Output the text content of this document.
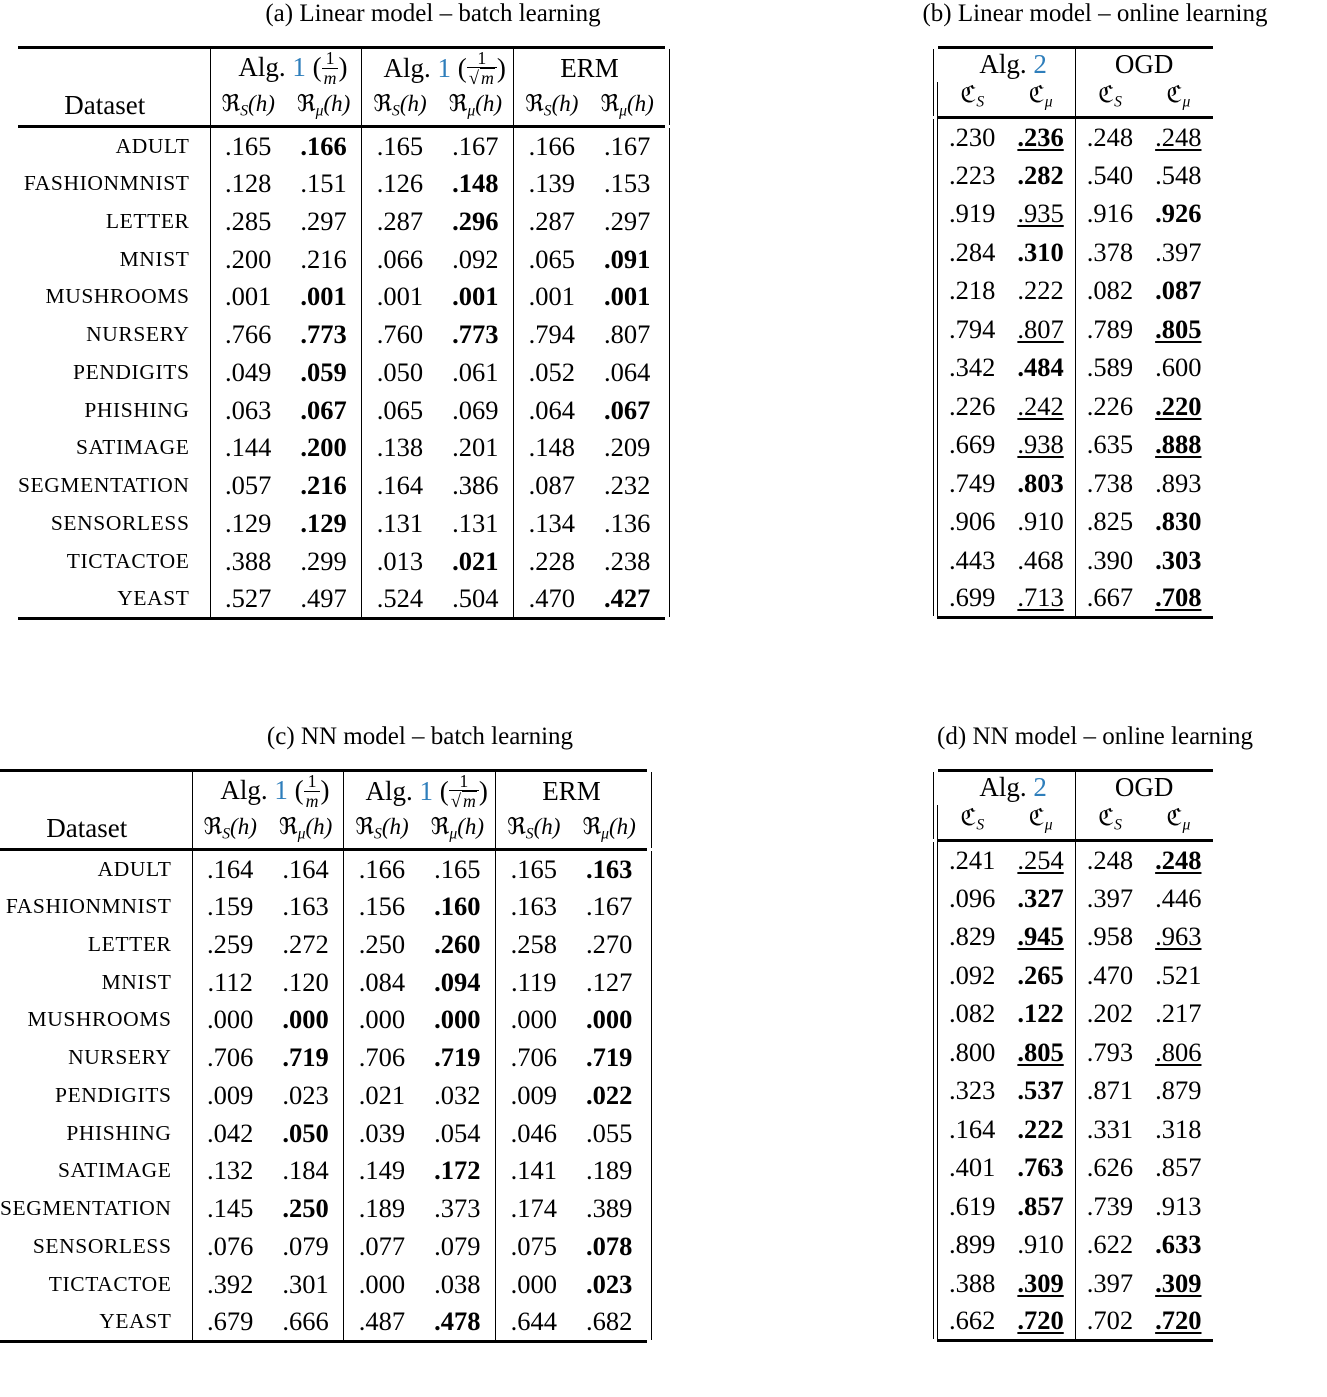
(a) Linear model – batch learning
Dataset	Alg. 1 ( $\frac{1}{m}$ )		Alg. 1 ( $\frac{1}{√ m}$ )		ERM	
	ℜ$_S$(h)	ℜ$_\mu$(h)	ℜ$_S$(h)	ℜ$_\mu$(h)	ℜ$_S$(h)	ℜ$_\mu$(h)
ADULT	.165	.166	.165	.167	.166	.167
FASHIONMNIST	.128	.151	.126	.148	.139	.153
LETTER	.285	.297	.287	.296	.287	.297
MNIST	.200	.216	.066	.092	.065	.091
MUSHROOMS	.001	.001	.001	.001	.001	.001
NURSERY	.766	.773	.760	.773	.794	.807
PENDIGITS	.049	.059	.050	.061	.052	.064
PHISHING	.063	.067	.065	.069	.064	.067
SATIMAGE	.144	.200	.138	.201	.148	.209
SEGMENTATION	.057	.216	.164	.386	.087	.232
SENSORLESS	.129	.129	.131	.131	.134	.136
TICTACTOE	.388	.299	.013	.021	.228	.238
YEAST	.527	.497	.524	.504	.470	.427
(b) Linear model – online learning
Alg. 2		OGD	
ℭ$_S$	ℭ$_\mu$	ℭ$_S$	ℭ$_\mu$
.230	.236	.248	.248
.223	.282	.540	.548
.919	.935	.916	.926
.284	.310	.378	.397
.218	.222	.082	.087
.794	.807	.789	.805
.342	.484	.589	.600
.226	.242	.226	.220
.669	.938	.635	.888
.749	.803	.738	.893
.906	.910	.825	.830
.443	.468	.390	.303
.699	.713	.667	.708
(c) NN model – batch learning
Dataset	Alg. 1 ( $\frac{1}{m}$ )		Alg. 1 ( $\frac{1}{√ m}$ )		ERM	
	ℜ$_S$(h)	ℜ$_\mu$(h)	ℜ$_S$(h)	ℜ$_\mu$(h)	ℜ$_S$(h)	ℜ$_\mu$(h)
ADULT	.164	.164	.166	.165	.165	.163
FASHIONMNIST	.159	.163	.156	.160	.163	.167
LETTER	.259	.272	.250	.260	.258	.270
MNIST	.112	.120	.084	.094	.119	.127
MUSHROOMS	.000	.000	.000	.000	.000	.000
NURSERY	.706	.719	.706	.719	.706	.719
PENDIGITS	.009	.023	.021	.032	.009	.022
PHISHING	.042	.050	.039	.054	.046	.055
SATIMAGE	.132	.184	.149	.172	.141	.189
SEGMENTATION	.145	.250	.189	.373	.174	.389
SENSORLESS	.076	.079	.077	.079	.075	.078
TICTACTOE	.392	.301	.000	.038	.000	.023
YEAST	.679	.666	.487	.478	.644	.682
(d) NN model – online learning
Alg. 2		OGD	
ℭ$_S$	ℭ$_\mu$	ℭ$_S$	ℭ$_\mu$
.241	.254	.248	.248
.096	.327	.397	.446
.829	.945	.958	.963
.092	.265	.470	.521
.082	.122	.202	.217
.800	.805	.793	.806
.323	.537	.871	.879
.164	.222	.331	.318
.401	.763	.626	.857
.619	.857	.739	.913
.899	.910	.622	.633
.388	.309	.397	.309
.662	.720	.702	.720
